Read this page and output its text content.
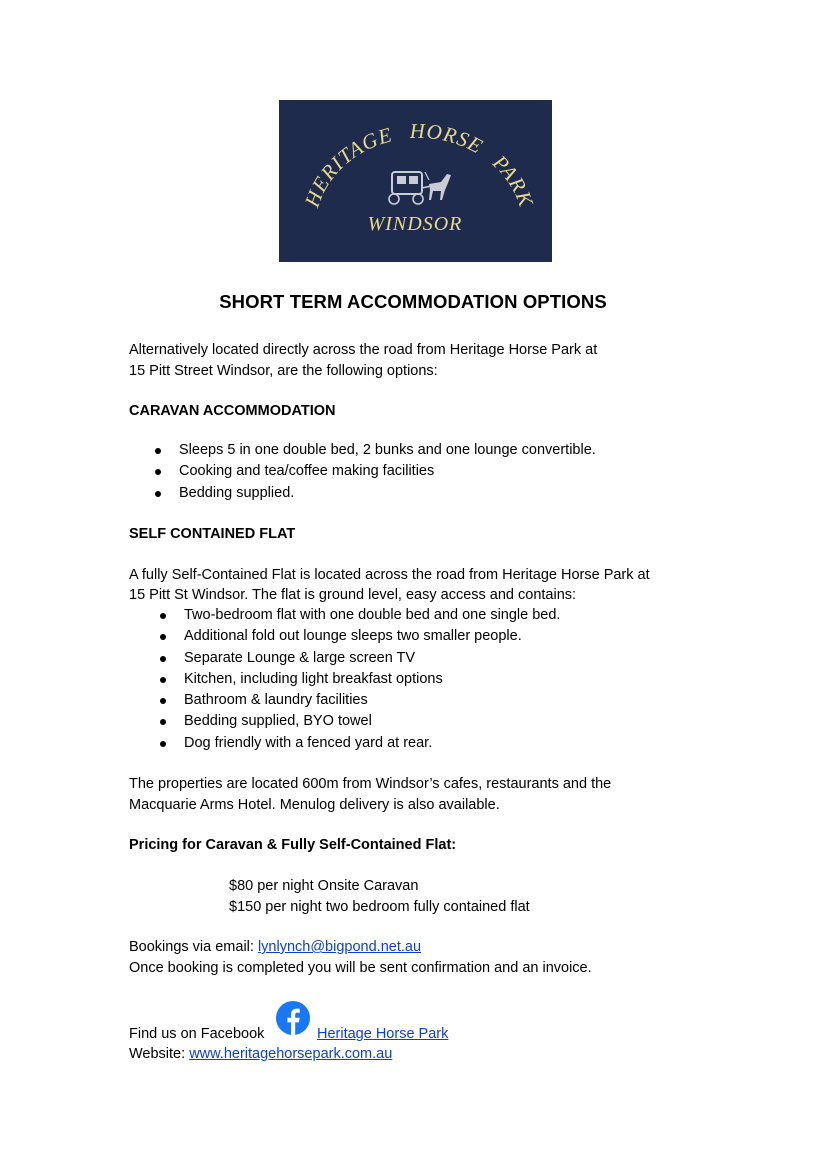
HERITAGE HORSE PARK
WINDSOR
SHORT TERM ACCOMMODATION OPTIONS
Alternatively located directly across the road from Heritage Horse Park at
15 Pitt Street Windsor, are the following options:
CARAVAN ACCOMMODATION
Sleeps 5 in one double bed, 2 bunks and one lounge convertible.
Cooking and tea/coffee making facilities
Bedding supplied.
SELF CONTAINED FLAT
A fully Self-Contained Flat is located across the road from Heritage Horse Park at
15 Pitt St Windsor. The flat is ground level, easy access and contains:
Two-bedroom flat with one double bed and one single bed.
Additional fold out lounge sleeps two smaller people.
Separate Lounge & large screen TV
Kitchen, including light breakfast options
Bathroom & laundry facilities
Bedding supplied, BYO towel
Dog friendly with a fenced yard at rear.
The properties are located 600m from Windsor’s cafes, restaurants and the
Macquarie Arms Hotel. Menulog delivery is also available.
Pricing for Caravan & Fully Self-Contained Flat:
$80 per night Onsite Caravan
$150 per night two bedroom fully contained flat
Bookings via email: lynlynch@bigpond.net.au
Once booking is completed you will be sent confirmation and an invoice.
Find us on Facebook	Heritage Horse Park
Website: www.heritagehorsepark.com.au
